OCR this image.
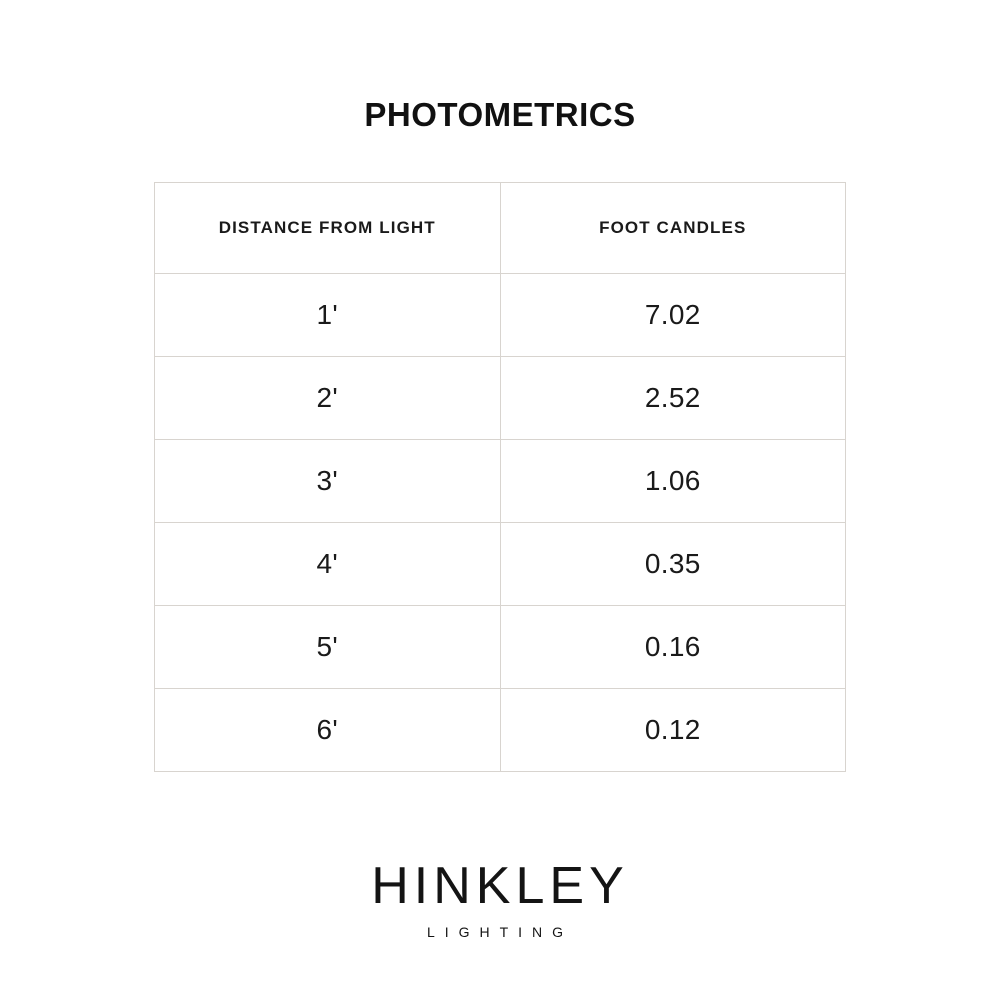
PHOTOMETRICS
DISTANCE FROM LIGHT	FOOT CANDLES
1'	7.02
2'	2.52
3'	1.06
4'	0.35
5'	0.16
6'	0.12
HINKLEY
LIGHTING
